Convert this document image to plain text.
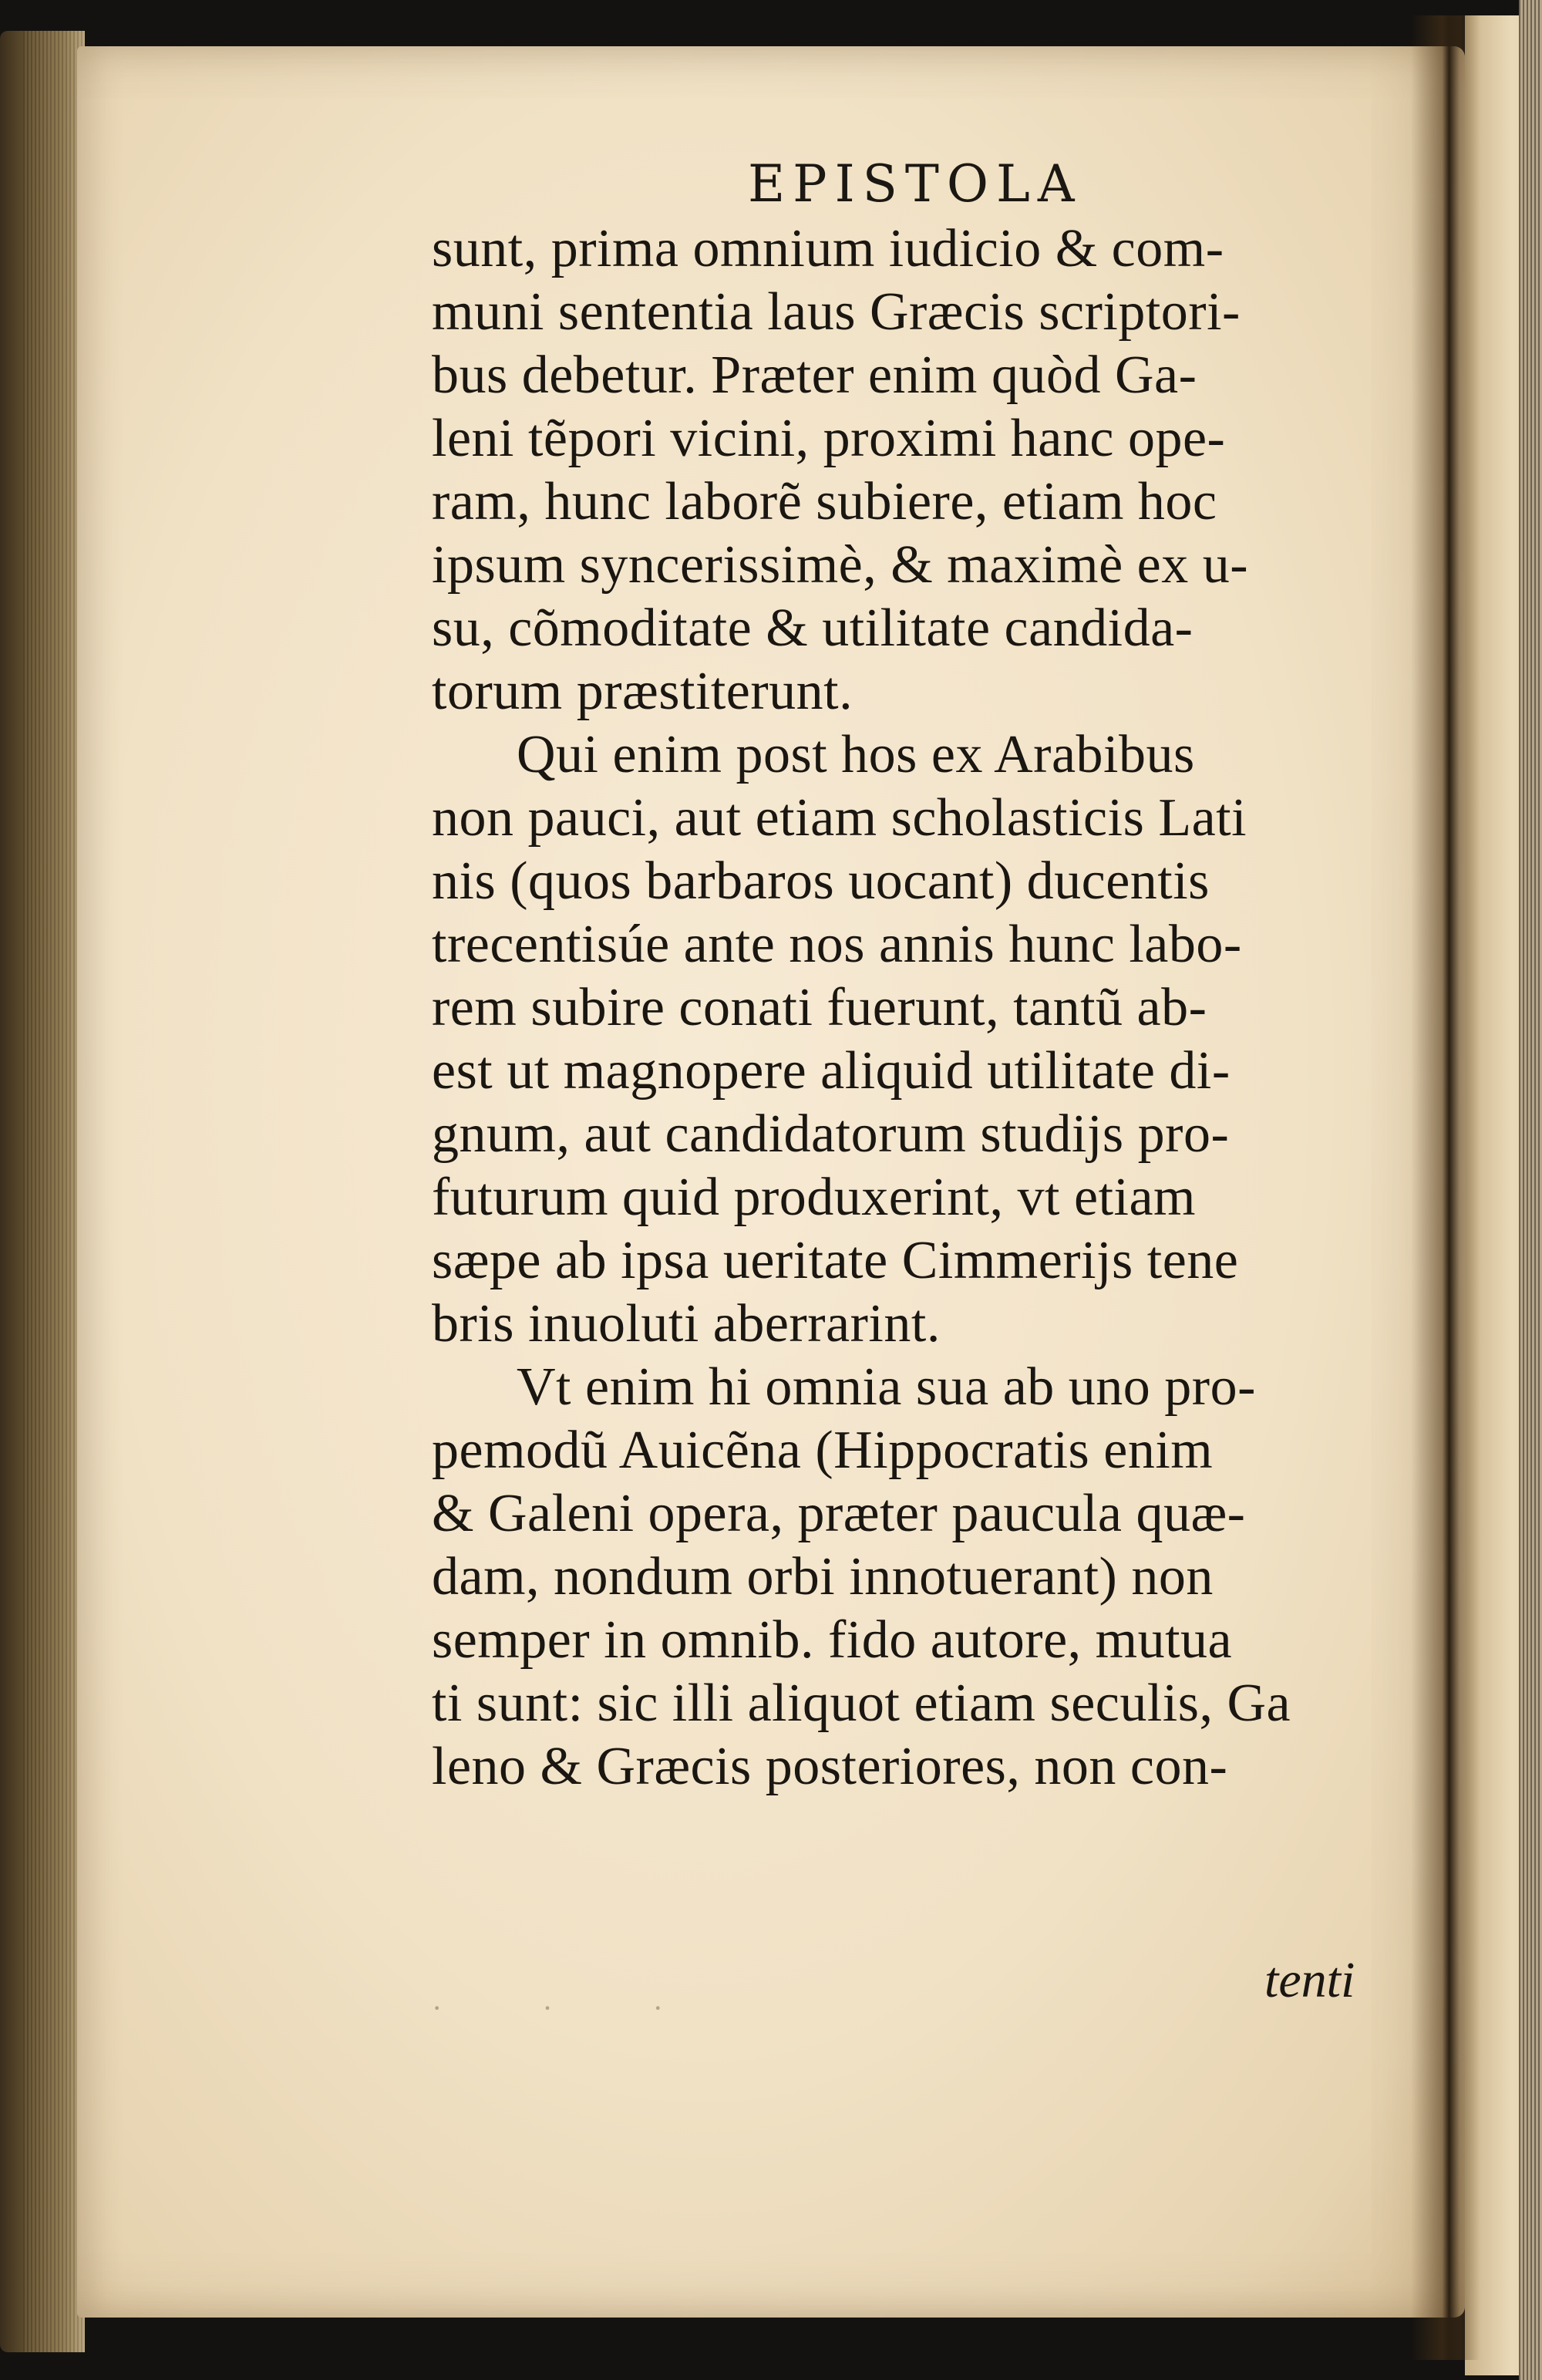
EPISTOLA
sunt, prima omnium iudicio & com-
muni sententia laus Græcis scriptori-
bus debetur. Præter enim quòd Ga-
leni tẽpori vicini, proximi hanc ope-
ram, hunc laborẽ subiere, etiam hoc
ipsum syncerissimè, & maximè ex u-
su, cõmoditate & utilitate candida-
torum præstiterunt.
Qui enim post hos ex Arabibus
non pauci, aut etiam scholasticis Lati
nis (quos barbaros uocant) ducentis
trecentisúe ante nos annis hunc labo-
rem subire conati fuerunt, tantũ ab-
est ut magnopere aliquid utilitate di-
gnum, aut candidatorum studijs pro-
futurum quid produxerint, vt etiam
sæpe ab ipsa ueritate Cimmerijs tene
bris inuoluti aberrarint.
Vt enim hi omnia sua ab uno pro-
pemodũ Auicẽna (Hippocratis enim
& Galeni opera, præter paucula quæ-
dam, nondum orbi innotuerant) non
semper in omnib. fido autore, mutua
ti sunt: sic illi aliquot etiam seculis, Ga
leno & Græcis posteriores, non con-
tenti
· · ·
